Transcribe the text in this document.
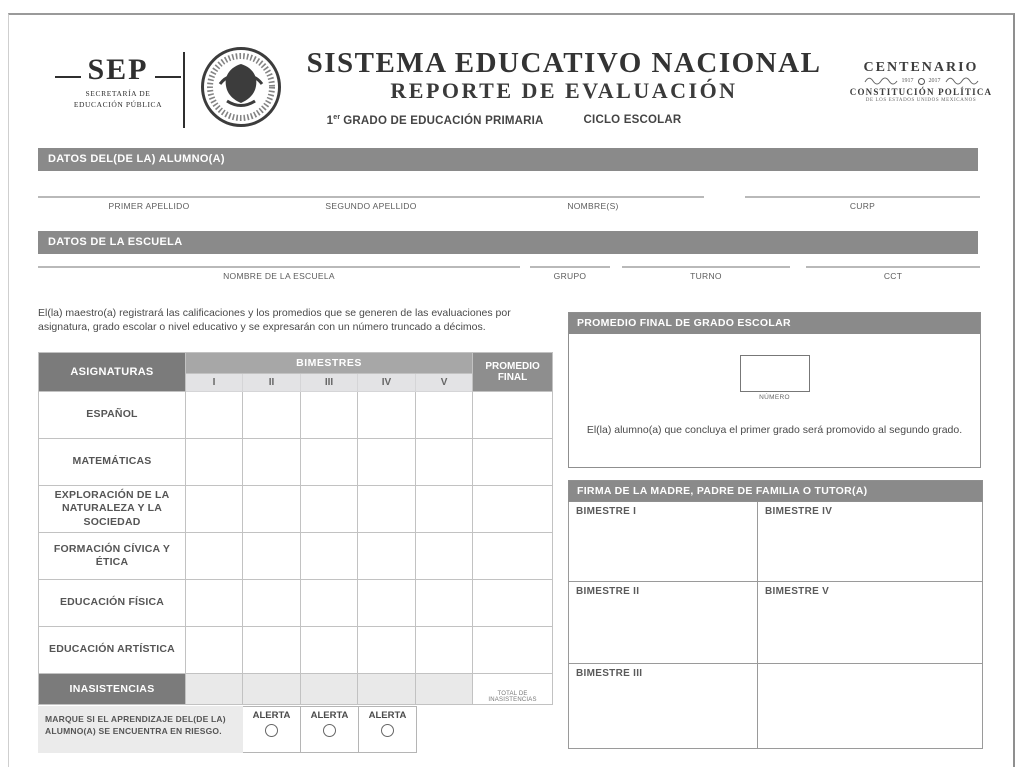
SEP
SECRETARÍA DE
EDUCACIÓN PÚBLICA
SISTEMA EDUCATIVO NACIONAL
REPORTE DE EVALUACIÓN
1er GRADO DE EDUCACIÓN PRIMARIA	CICLO ESCOLAR
CENTENARIO
1917	2017
CONSTITUCIÓN POLÍTICA
DE LOS ESTADOS UNIDOS MEXICANOS
DATOS DEL(DE LA) ALUMNO(A)
PRIMER APELLIDO	SEGUNDO APELLIDO	NOMBRE(S)	CURP
DATOS DE LA ESCUELA
NOMBRE DE LA ESCUELA	GRUPO	TURNO	CCT
El(la) maestro(a) registrará las calificaciones y los promedios que se generen de las evaluaciones por asignatura, grado escolar o nivel educativo y se expresarán con un número truncado a décimos.
ASIGNATURAS	BIMESTRES					PROMEDIO FINAL
	I	II	III	IV	V	
ESPAÑOL						
MATEMÁTICAS						
EXPLORACIÓN DE LA NATURALEZA Y LA SOCIEDAD						
FORMACIÓN CÍVICA Y ÉTICA						
EDUCACIÓN FÍSICA						
EDUCACIÓN ARTÍSTICA						
INASISTENCIAS						TOTAL DE INASISTENCIAS
MARQUE SI EL APRENDIZAJE DEL(DE LA) ALUMNO(A) SE ENCUENTRA EN RIESGO.
ALERTA	ALERTA	ALERTA
PROMEDIO FINAL DE GRADO ESCOLAR
NÚMERO
El(la) alumno(a) que concluya el primer grado será promovido al segundo grado.
FIRMA DE LA MADRE, PADRE DE FAMILIA O TUTOR(A)	
BIMESTRE I	BIMESTRE IV
BIMESTRE II	BIMESTRE V
BIMESTRE III	
